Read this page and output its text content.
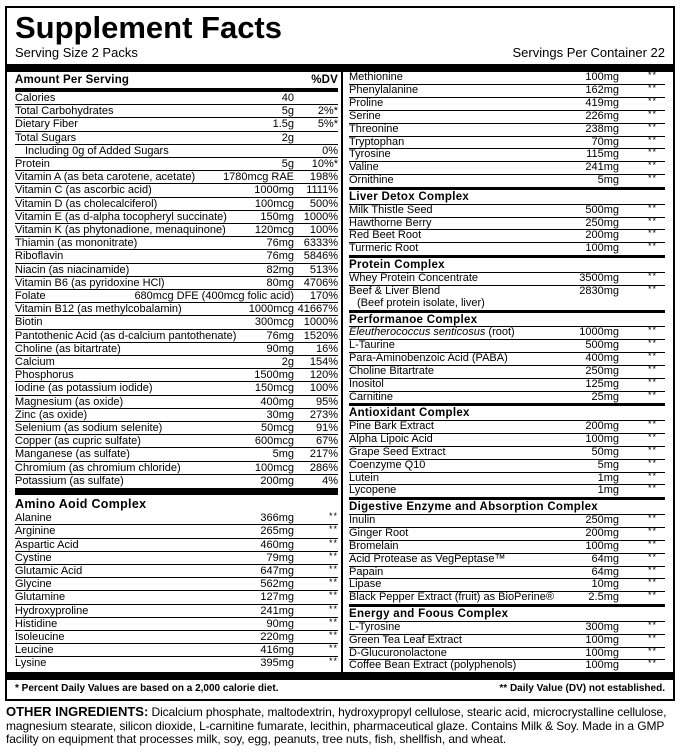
Supplement Facts
Serving Size 2 Packs	Servings Per Container 22
Amount Per Serving	%DV
Calories	40
Total Carbohydrates	5g	2%*
Dietary Fiber	1.5g	5%*
Total Sugars	2g
Including 0g of Added Sugars	0%
Protein	5g	10%*
Vitamin A (as beta carotene, acetate)	1780mcg RAE	198%
Vitamin C (as ascorbic acid)	1000mg	1111%
Vitamin D (as cholecalciferol)	100mcg	500%
Vitamin E (as d-alpha tocopheryl succinate)	150mg 1000%
Vitamin K (as phytonadione, menaquinone)	120mcg	100%
Thiamin (as mononitrate)	76mg 6333%
Riboflavin	76mg 5846%
Niacin (as niacinamide)	82mg	513%
Vitamin B6 (as pyridoxine HCl)	80mg 4706%
Folate	680mcg DFE (400mcg folic acid)	170%
Vitamin B12 (as methylcobalamin)	1000mcg 41667%
Biotin	300mcg 1000%
Pantothenic Acid (as d-calcium pantothenate)	76mg 1520%
Choline (as bitartrate)	90mg	16%
Calcium	2g	154%
Phosphorus	1500mg	120%
Iodine (as potassium iodide)	150mcg	100%
Magnesium (as oxide)	400mg	95%
Zinc (as oxide)	30mg	273%
Selenium (as sodium selenite)	50mcg	91%
Copper (as cupric sulfate)	600mcg	67%
Manganese (as sulfate)	5mg	217%
Chromium (as chromium chloride)	100mcg	286%
Potassium (as sulfate)	200mg	4%
Amino Aoid Complex
Alanine	366mg	**
Arginine	265mg	**
Aspartic Acid	460mg	**
Cystine	79mg	**
Glutamic Acid	647mg	**
Glycine	562mg	**
Glutamine	127mg	**
Hydroxyproline	241mg	**
Histidine	90mg	**
Isoleucine	220mg	**
Leucine	416mg	**
Lysine	395mg	**
Methionine	100mg	**
Phenylalanine	162mg	**
Proline	419mg	**
Serine	226mg	**
Threonine	238mg	**
Tryptophan	70mg	**
Tyrosine	115mg	**
Valine	241mg	**
Ornithine	5mg	**
Liver Detox Complex
Milk Thistle Seed	500mg	**
Hawthorne Berry	250mg	**
Red Beet Root	200mg	**
Turmeric Root	100mg	**
Protein Complex
Whey Protein Concentrate	3500mg	**
Beef & Liver Blend	2830mg	**
(Beef protein isolate, liver)
Performanoe Complex
Eleutherococcus senticosus (root)	1000mg	**
L-Taurine	500mg	**
Para-Aminobenzoic Acid (PABA)	400mg	**
Choline Bitartrate	250mg	**
Inositol	125mg	**
Carnitine	25mg	**
Antioxidant Complex
Pine Bark Extract	200mg	**
Alpha Lipoic Acid	100mg	**
Grape Seed Extract	50mg	**
Coenzyme Q10	5mg	**
Lutein	1mg	**
Lycopene	1mg	**
Digestive Enzyme and Absorption Complex
Inulin	250mg	**
Ginger Root	200mg	**
Bromelain	100mg	**
Acid Protease as VegPeptase™	64mg	**
Papain	64mg	**
Lipase	10mg	**
Black Pepper Extract (fruit) as BioPerine®	2.5mg	**
Energy and Foous Complex
L-Tyrosine	300mg	**
Green Tea Leaf Extract	100mg	**
D-Glucuronolactone	100mg	**
Coffee Bean Extract (polyphenols)	100mg	**
* Percent Daily Values are based on a 2,000 calorie diet.	** Daily Value (DV) not established.

OTHER INGREDIENTS: Dicalcium phosphate, maltodextrin, hydroxypropyl cellulose, stearic acid, microcrystalline cellulose, magnesium stearate, silicon dioxide, L-carnitine fumarate, lecithin, pharmaceutical glaze. Contains Milk & Soy. Made in a GMP facility on equipment that processes milk, soy, egg, peanuts, tree nuts, fish, shellfish, and wheat.
